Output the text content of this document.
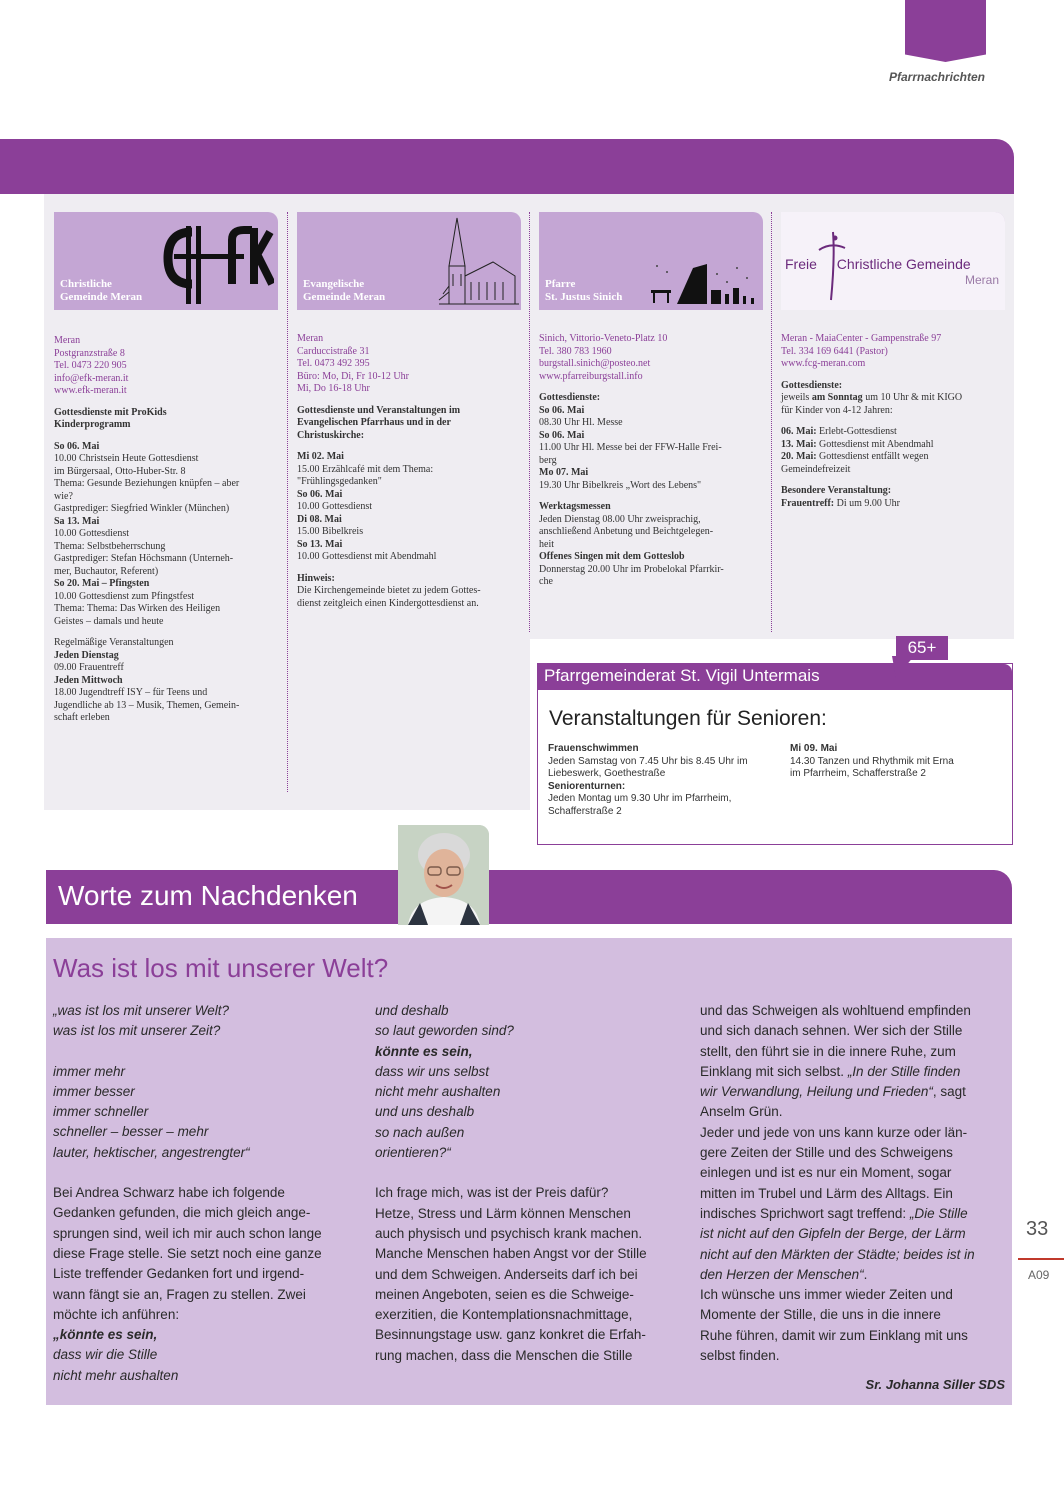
Pfarrnachrichten
Christliche
Gemeinde Meran
Evangelische
Gemeinde Meran
Pfarre
St. Justus Sinich
Freie Christliche Gemeinde
Meran
Meran
Postgranzstraße 8
Tel. 0473 220 905
info@efk-meran.it
www.efk-meran.it
Gottesdienste mit ProKids
Kinderprogramm
So 06. Mai
10.00 Christsein Heute Gottesdienst
im Bürgersaal, Otto-Huber-Str. 8
Thema: Gesunde Beziehungen knüpfen – aber
wie?
Gastprediger: Siegfried Winkler (München)
Sa 13. Mai
10.00 Gottesdienst
Thema: Selbstbeherrschung
Gastprediger: Stefan Höchsmann (Unterneh-
mer, Buchautor, Referent)
So 20. Mai – Pfingsten
10.00 Gottesdienst zum Pfingstfest
Thema: Thema: Das Wirken des Heiligen
Geistes – damals und heute
Regelmäßige Veranstaltungen
Jeden Dienstag
09.00 Frauentreff
Jeden Mittwoch
18.00 Jugendtreff ISY – für Teens und
Jugendliche ab 13 – Musik, Themen, Gemein-
schaft erleben
Meran
Carduccistraße 31
Tel. 0473 492 395
Büro: Mo, Di, Fr 10-12 Uhr
Mi, Do 16-18 Uhr
Gottesdienste und Veranstaltungen im
Evangelischen Pfarrhaus und in der
Christuskirche:
Mi 02. Mai
15.00 Erzählcafé mit dem Thema:
"Frühlingsgedanken"
So 06. Mai
10.00 Gottesdienst
Di 08. Mai
15.00 Bibelkreis
So 13. Mai
10.00 Gottesdienst mit Abendmahl
Hinweis:
Die Kirchengemeinde bietet zu jedem Gottes-
dienst zeitgleich einen Kindergottesdienst an.
Sinich, Vittorio-Veneto-Platz 10
Tel. 380 783 1960
burgstall.sinich@posteo.net
www.pfarreiburgstall.info
Gottesdienste:
So 06. Mai
08.30 Uhr Hl. Messe
So 06. Mai
11.00 Uhr Hl. Messe bei der FFW-Halle Frei-
berg
Mo 07. Mai
19.30 Uhr Bibelkreis „Wort des Lebens"
Werktagsmessen
Jeden Dienstag 08.00 Uhr zweisprachig,
anschließend Anbetung und Beichtgelegen-
heit
Offenes Singen mit dem Gotteslob
Donnerstag 20.00 Uhr im Probelokal Pfarrkir-
che
Meran - MaiaCenter - Gampenstraße 97
Tel. 334 169 6441 (Pastor)
www.fcg-meran.com
Gottesdienste:
jeweils am Sonntag um 10 Uhr & mit KIGO
für Kinder von 4-12 Jahren:
06. Mai: Erlebt-Gottesdienst
13. Mai: Gottesdienst mit Abendmahl
20. Mai: Gottesdienst entfällt wegen
Gemeindefreizeit
Besondere Veranstaltung:
Frauentreff: Di um 9.00 Uhr
Pfarrgemeinderat St. Vigil Untermais
Veranstaltungen für Senioren:
Frauenschwimmen
Jeden Samstag von 7.45 Uhr bis 8.45 Uhr im
Liebeswerk, Goethestraße
Seniorenturnen:
Jeden Montag um 9.30 Uhr im Pfarrheim,
Schafferstraße 2
Mi 09. Mai
14.30 Tanzen und Rhythmik mit Erna
im Pfarrheim, Schafferstraße 2
65+
Worte zum Nachdenken
Was ist los mit unserer Welt?
„was ist los mit unserer Welt?
was ist los mit unserer Zeit?
immer mehr
immer besser
immer schneller
schneller – besser – mehr
lauter, hektischer, angestrengter“
Bei Andrea Schwarz habe ich folgende
Gedanken gefunden, die mich gleich ange-
sprungen sind, weil ich mir auch schon lange
diese Frage stelle. Sie setzt noch eine ganze
Liste treffender Gedanken fort und irgend-
wann fängt sie an, Fragen zu stellen. Zwei
möchte ich anführen:
„könnte es sein,
dass wir die Stille
nicht mehr aushalten
und deshalb
so laut geworden sind?
könnte es sein,
dass wir uns selbst
nicht mehr aushalten
und uns deshalb
so nach außen
orientieren?“
Ich frage mich, was ist der Preis dafür?
Hetze, Stress und Lärm können Menschen
auch physisch und psychisch krank machen.
Manche Menschen haben Angst vor der Stille
und dem Schweigen. Anderseits darf ich bei
meinen Angeboten, seien es die Schweige-
exerzitien, die Kontemplationsnachmittage,
Besinnungstage usw. ganz konkret die Erfah-
rung machen, dass die Menschen die Stille
und das Schweigen als wohltuend empfinden
und sich danach sehnen. Wer sich der Stille
stellt, den führt sie in die innere Ruhe, zum
Einklang mit sich selbst. „In der Stille finden
wir Verwandlung, Heilung und Frieden“, sagt
Anselm Grün.
Jeder und jede von uns kann kurze oder län-
gere Zeiten der Stille und des Schweigens
einlegen und ist es nur ein Moment, sogar
mitten im Trubel und Lärm des Alltags. Ein
indisches Sprichwort sagt treffend: „Die Stille
ist nicht auf den Gipfeln der Berge, der Lärm
nicht auf den Märkten der Städte; beides ist in
den Herzen der Menschen“.
Ich wünsche uns immer wieder Zeiten und
Momente der Stille, die uns in die innere
Ruhe führen, damit wir zum Einklang mit uns
selbst finden.
Sr. Johanna Siller SDS
33
A09
